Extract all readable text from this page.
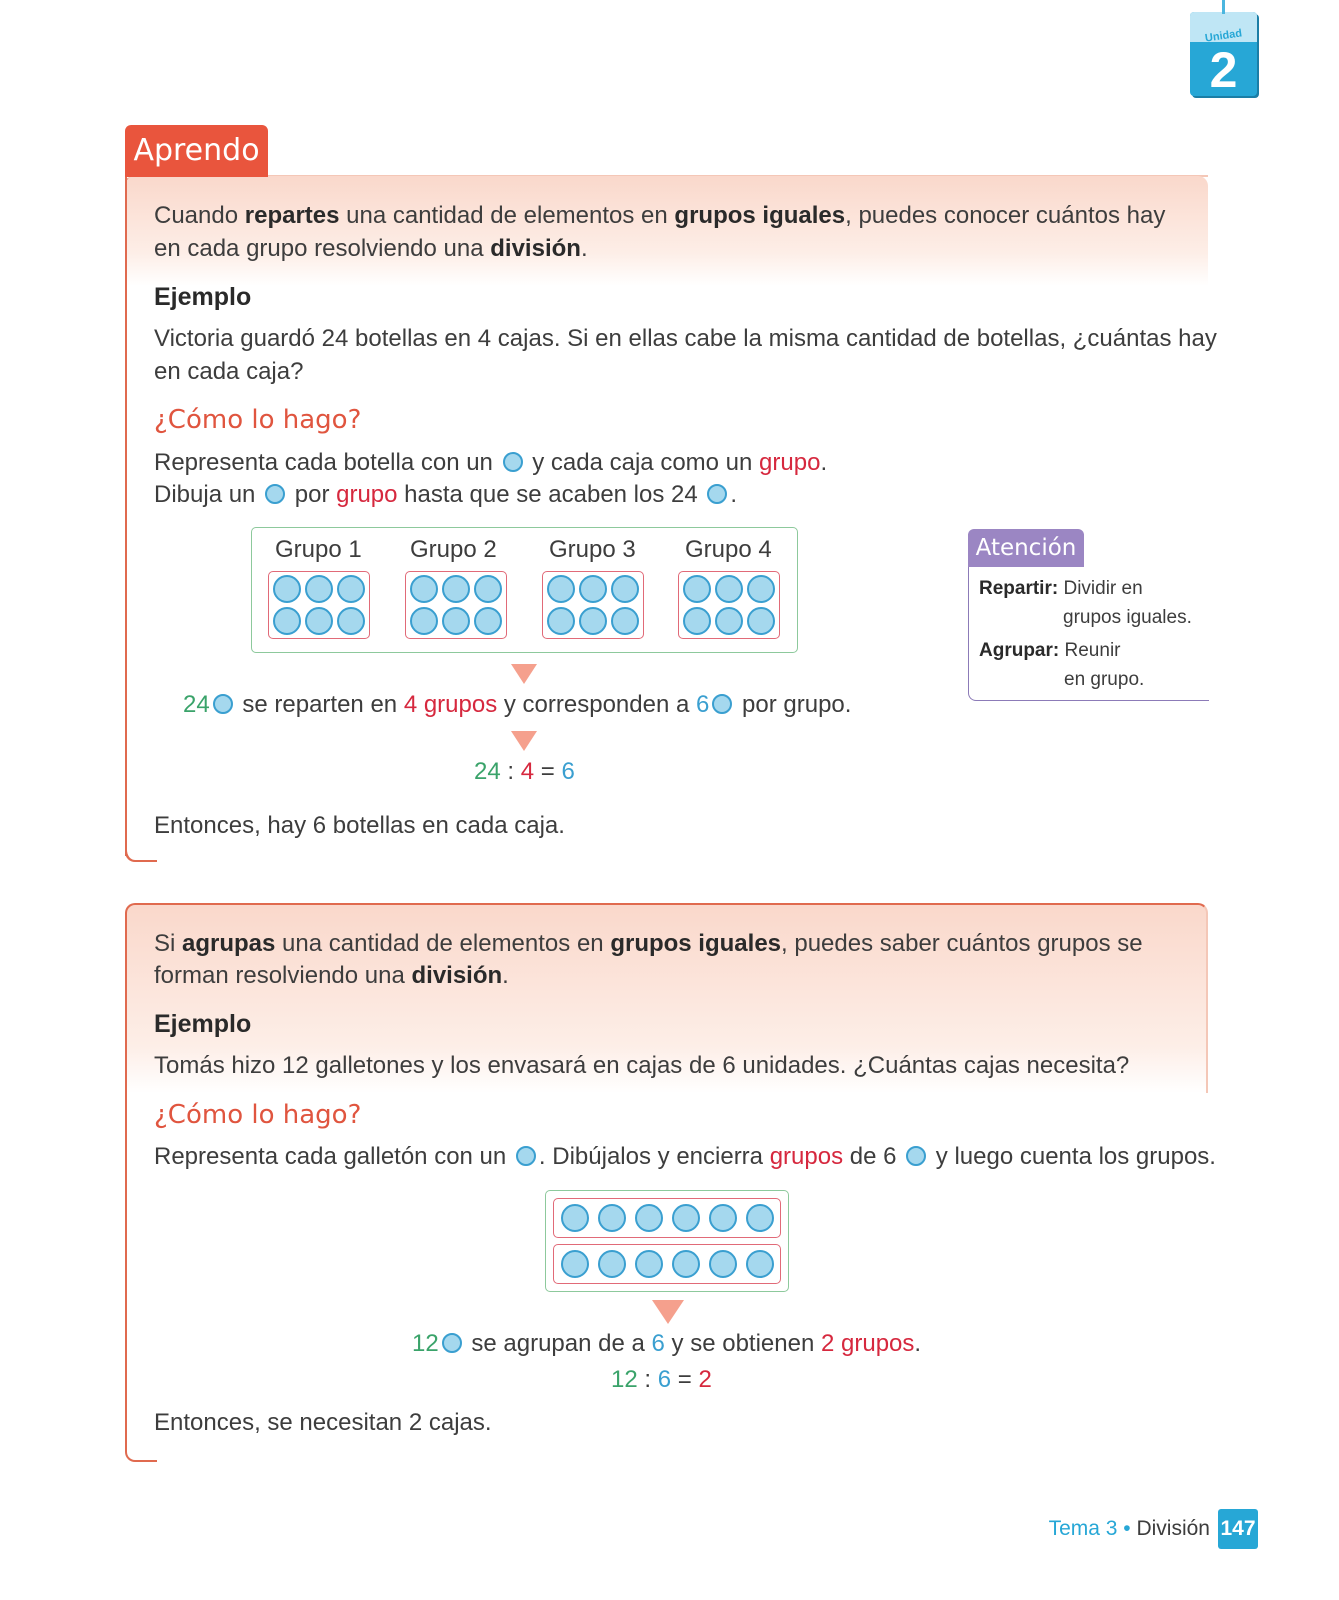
Unidad
2
Aprendo
Cuando repartes una cantidad de elementos en grupos iguales, puedes conocer cuántos hay
en cada grupo resolviendo una división.
Ejemplo
Victoria guardó 24 botellas en 4 cajas. Si en ellas cabe la misma cantidad de botellas, ¿cuántas hay
en cada caja?
¿Cómo lo hago?
Representa cada botella con un  y cada caja como un grupo.
Dibuja un  por grupo hasta que se acaben los 24 .
Grupo 1 Grupo 2 Grupo 3 Grupo 4
24 se reparten en 4 grupos y corresponden a 6 por grupo.
24 : 4 = 6
Entonces, hay 6 botellas en cada caja.
Atención
Repartir: Dividir en
grupos iguales.
Agrupar: Reunir
en grupo.
Si agrupas una cantidad de elementos en grupos iguales, puedes saber cuántos grupos se
forman resolviendo una división.
Ejemplo
Tomás hizo 12 galletones y los envasará en cajas de 6 unidades. ¿Cuántas cajas necesita?
¿Cómo lo hago?
Representa cada galletón con un . Dibújalos y encierra grupos de 6  y luego cuenta los grupos.
12 se agrupan de a 6 y se obtienen 2 grupos.
12 : 6 = 2
Entonces, se necesitan 2 cajas.
Tema 3 • División 147
